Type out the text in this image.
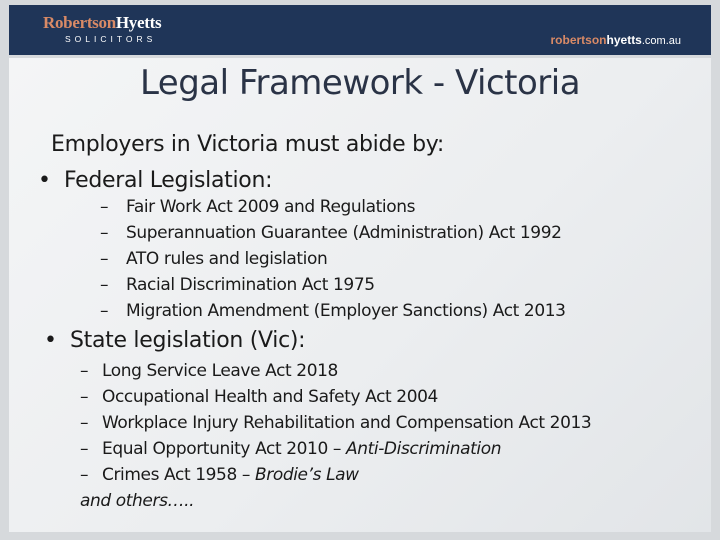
RobertsonHyetts
SOLICITORS	robertsonhyetts.com.au
Legal Framework - Victoria
Employers in Victoria must abide by:
• Federal Legislation:
– Fair Work Act 2009 and Regulations
– Superannuation Guarantee (Administration) Act 1992
– ATO rules and legislation
– Racial Discrimination Act 1975
– Migration Amendment (Employer Sanctions) Act 2013
• State legislation (Vic):
– Long Service Leave Act 2018
– Occupational Health and Safety Act 2004
– Workplace Injury Rehabilitation and Compensation Act 2013
– Equal Opportunity Act 2010 – Anti-Discrimination
– Crimes Act 1958 – Brodie’s Law
and others…..
